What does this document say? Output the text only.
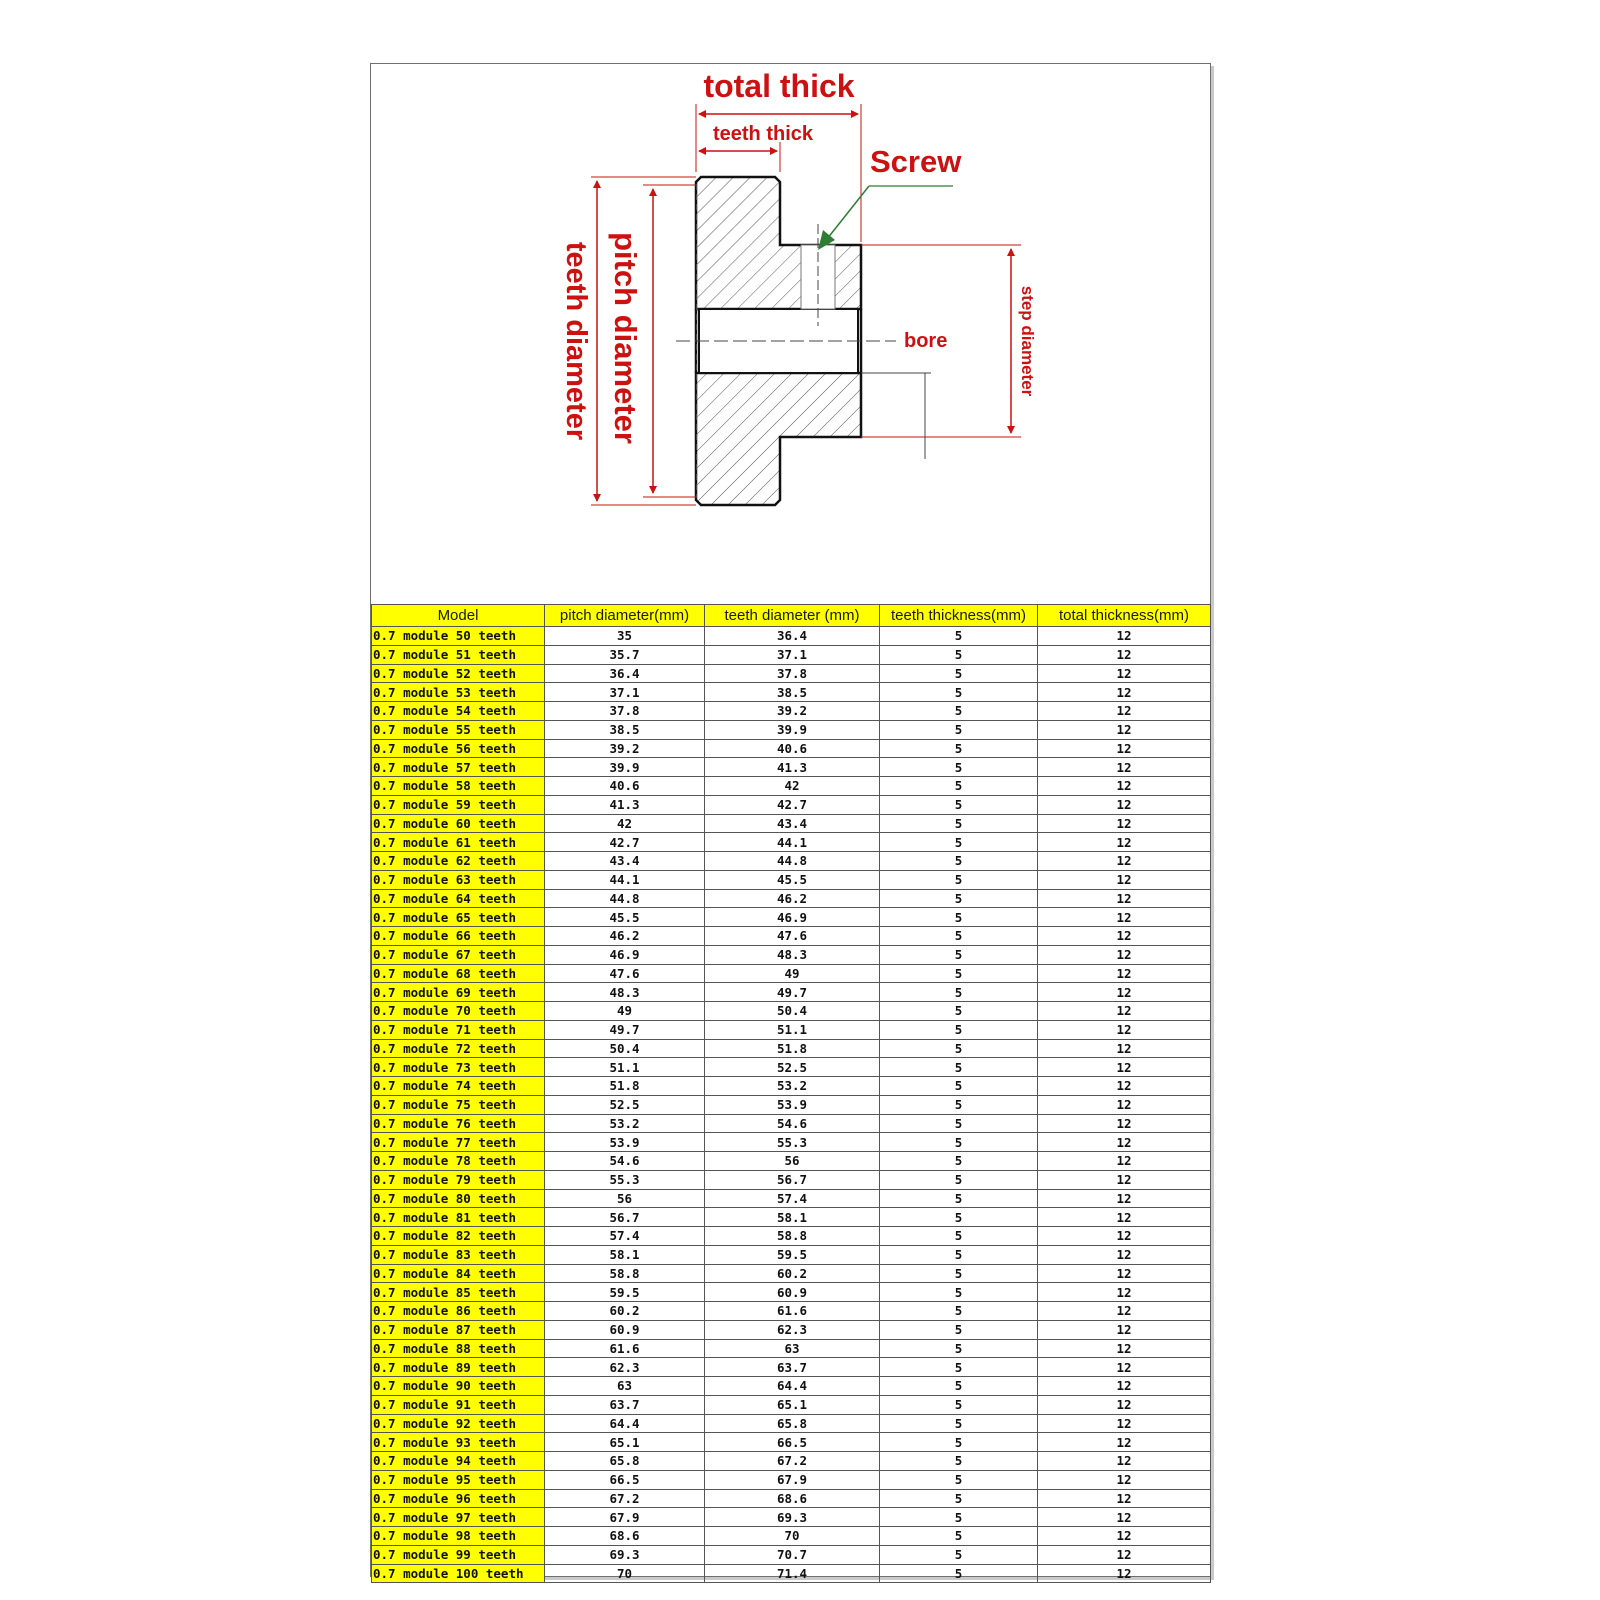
total thick
teeth thick
Screw
teeth diameter pitch diameter	step diameter
bore
Model	pitch diameter(mm)	teeth diameter (mm)	teeth thickness(mm)	total thickness(mm)
0.7 module 50 teeth	35	36.4	5	12
0.7 module 51 teeth	35.7	37.1	5	12
0.7 module 52 teeth	36.4	37.8	5	12
0.7 module 53 teeth	37.1	38.5	5	12
0.7 module 54 teeth	37.8	39.2	5	12
0.7 module 55 teeth	38.5	39.9	5	12
0.7 module 56 teeth	39.2	40.6	5	12
0.7 module 57 teeth	39.9	41.3	5	12
0.7 module 58 teeth	40.6	42	5	12
0.7 module 59 teeth	41.3	42.7	5	12
0.7 module 60 teeth	42	43.4	5	12
0.7 module 61 teeth	42.7	44.1	5	12
0.7 module 62 teeth	43.4	44.8	5	12
0.7 module 63 teeth	44.1	45.5	5	12
0.7 module 64 teeth	44.8	46.2	5	12
0.7 module 65 teeth	45.5	46.9	5	12
0.7 module 66 teeth	46.2	47.6	5	12
0.7 module 67 teeth	46.9	48.3	5	12
0.7 module 68 teeth	47.6	49	5	12
0.7 module 69 teeth	48.3	49.7	5	12
0.7 module 70 teeth	49	50.4	5	12
0.7 module 71 teeth	49.7	51.1	5	12
0.7 module 72 teeth	50.4	51.8	5	12
0.7 module 73 teeth	51.1	52.5	5	12
0.7 module 74 teeth	51.8	53.2	5	12
0.7 module 75 teeth	52.5	53.9	5	12
0.7 module 76 teeth	53.2	54.6	5	12
0.7 module 77 teeth	53.9	55.3	5	12
0.7 module 78 teeth	54.6	56	5	12
0.7 module 79 teeth	55.3	56.7	5	12
0.7 module 80 teeth	56	57.4	5	12
0.7 module 81 teeth	56.7	58.1	5	12
0.7 module 82 teeth	57.4	58.8	5	12
0.7 module 83 teeth	58.1	59.5	5	12
0.7 module 84 teeth	58.8	60.2	5	12
0.7 module 85 teeth	59.5	60.9	5	12
0.7 module 86 teeth	60.2	61.6	5	12
0.7 module 87 teeth	60.9	62.3	5	12
0.7 module 88 teeth	61.6	63	5	12
0.7 module 89 teeth	62.3	63.7	5	12
0.7 module 90 teeth	63	64.4	5	12
0.7 module 91 teeth	63.7	65.1	5	12
0.7 module 92 teeth	64.4	65.8	5	12
0.7 module 93 teeth	65.1	66.5	5	12
0.7 module 94 teeth	65.8	67.2	5	12
0.7 module 95 teeth	66.5	67.9	5	12
0.7 module 96 teeth	67.2	68.6	5	12
0.7 module 97 teeth	67.9	69.3	5	12
0.7 module 98 teeth	68.6	70	5	12
0.7 module 99 teeth	69.3	70.7	5	12
0.7 module 100 teeth	70	71.4	5	12
